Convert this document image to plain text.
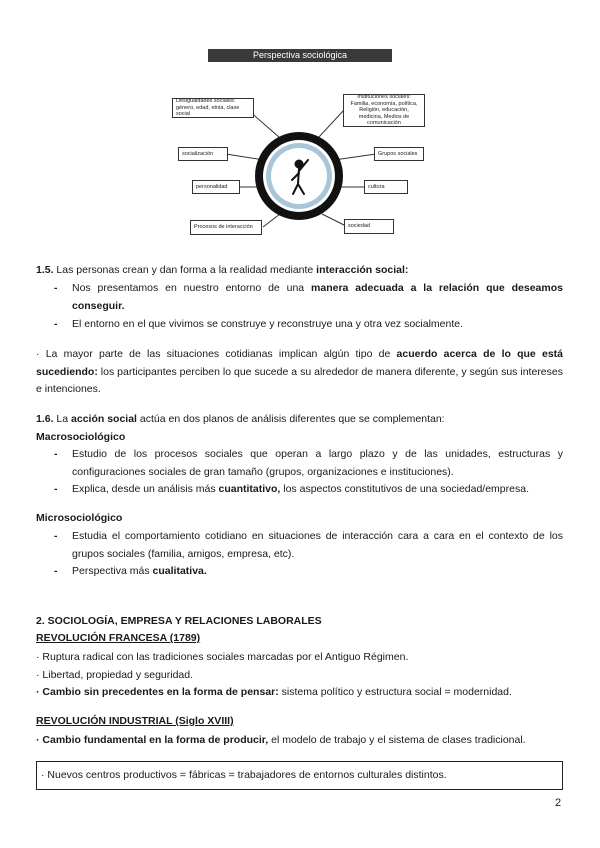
Perspectiva sociológica
Desigualdades sociales: género, edad, etnia, clase social
Instituciones sociales:
Familia, economía, política, Religión, educación, medicina, Medios de comunicación
socialización	Grupos sociales
personalidad	cultura
Procesos de interacción	sociedad
1.5. Las personas crean y dan forma a la realidad mediante interacción social:
- Nos presentamos en nuestro entorno de una manera adecuada a la relación que deseamos conseguir.
- El entorno en el que vivimos se construye y reconstruye una y otra vez socialmente.
· La mayor parte de las situaciones cotidianas implican algún tipo de acuerdo acerca de lo que está sucediendo: los participantes perciben lo que sucede a su alrededor de manera diferente, y según sus intereses e intenciones.
1.6. La acción social actúa en dos planos de análisis diferentes que se complementan:
Macrosociológico
- Estudio de los procesos sociales que operan a largo plazo y de las unidades, estructuras y configuraciones sociales de gran tamaño (grupos, organizaciones e instituciones).
- Explica, desde un análisis más cuantitativo, los aspectos constitutivos de una sociedad/empresa.
Microsociológico
- Estudia el comportamiento cotidiano en situaciones de interacción cara a cara en el contexto de los grupos sociales (familia, amigos, empresa, etc).
- Perspectiva más cualitativa.
2. SOCIOLOGÍA, EMPRESA Y RELACIONES LABORALES
REVOLUCIÓN FRANCESA (1789)
· Ruptura radical con las tradiciones sociales marcadas por el Antiguo Régimen.
· Libertad, propiedad y seguridad.
· Cambio sin precedentes en la forma de pensar: sistema político y estructura social = modernidad.
REVOLUCIÓN INDUSTRIAL (Siglo XVIII)
· Cambio fundamental en la forma de producir, el modelo de trabajo y el sistema de clases tradicional.
· Nuevos centros productivos = fábricas = trabajadores de entornos culturales distintos.
2
